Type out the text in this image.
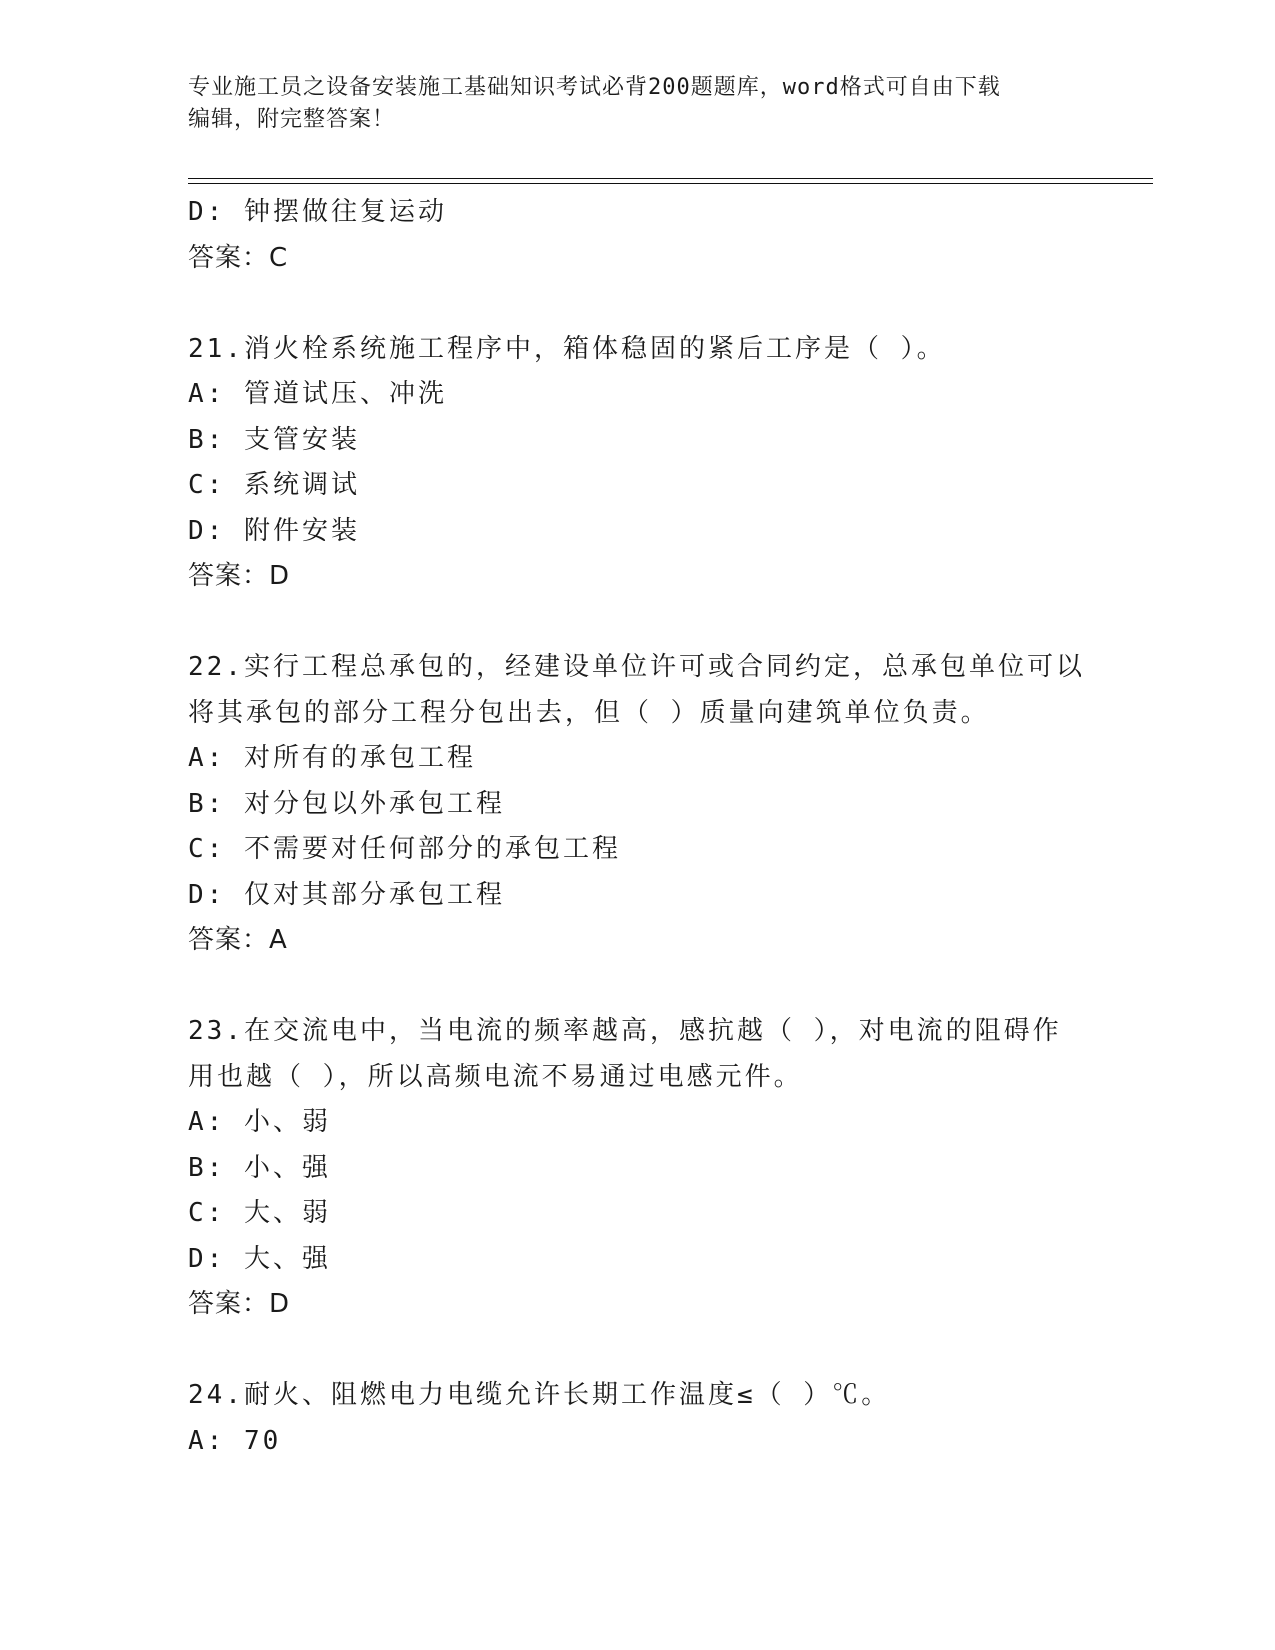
专业施工员之设备安装施工基础知识考试必背200题题库，word格式可自由下载
编辑，附完整答案！
D: 钟摆做往复运动
答案：C
21.消火栓系统施工程序中，箱体稳固的紧后工序是（ ）。
A: 管道试压、冲洗
B: 支管安装
C: 系统调试
D: 附件安装
答案：D
22.实行工程总承包的，经建设单位许可或合同约定，总承包单位可以
将其承包的部分工程分包出去，但（ ）质量向建筑单位负责。
A: 对所有的承包工程
B: 对分包以外承包工程
C: 不需要对任何部分的承包工程
D: 仅对其部分承包工程
答案：A
23.在交流电中，当电流的频率越高，感抗越（ ），对电流的阻碍作
用也越（ ），所以高频电流不易通过电感元件。
A: 小、弱
B: 小、强
C: 大、弱
D: 大、强
答案：D
24.耐火、阻燃电力电缆允许长期工作温度≤（ ）℃。
A: 70
